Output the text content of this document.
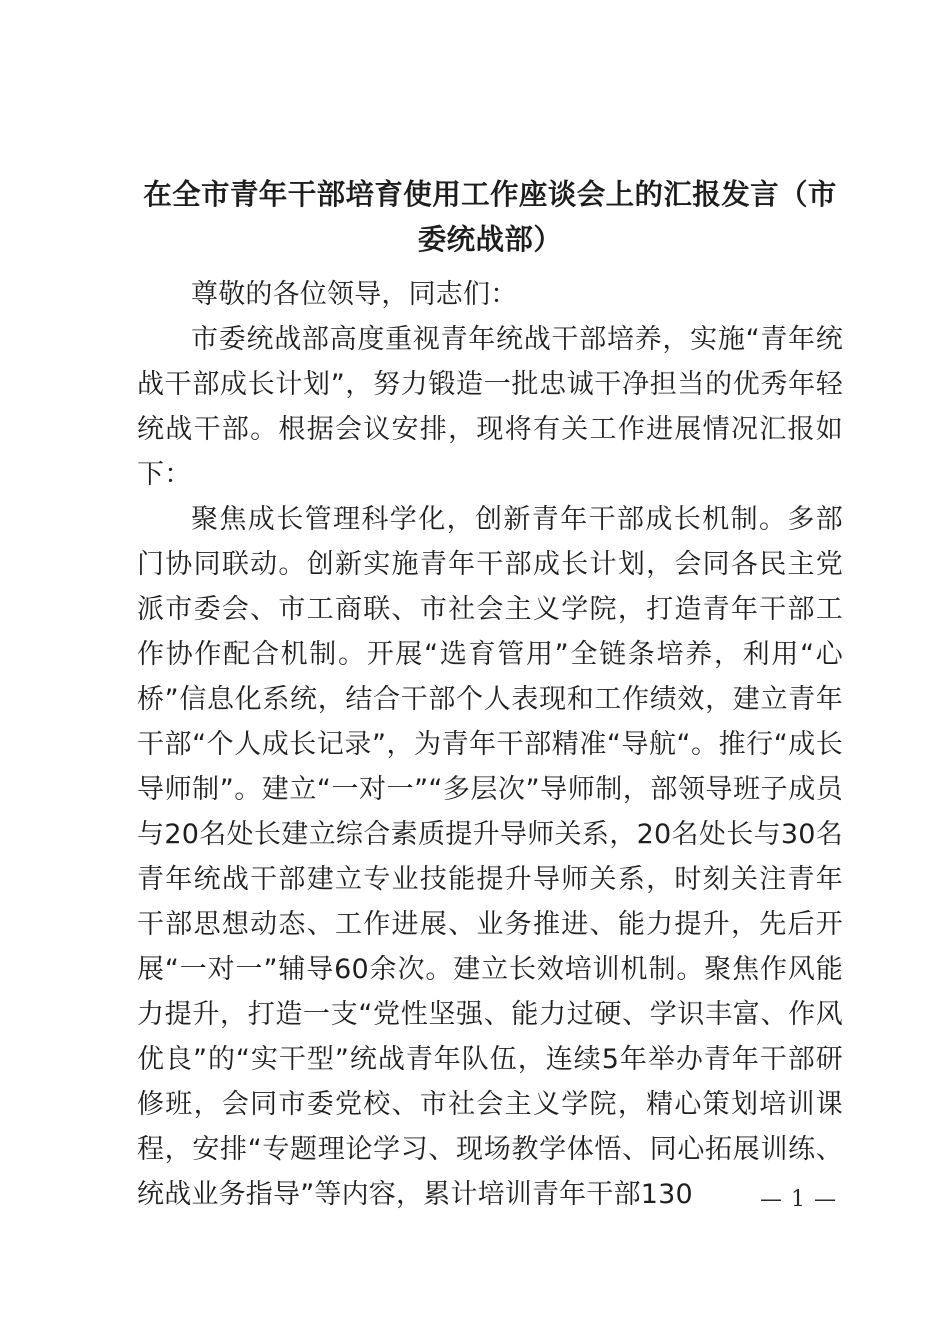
在全市青年干部培育使用工作座谈会上的汇报发言（市委统战部）

尊敬的各位领导，同志们：

市委统战部高度重视青年统战干部培养，实施“青年统战干部成长计划”，努力锻造一批忠诚干净担当的优秀年轻统战干部。根据会议安排，现将有关工作进展情况汇报如下：

聚焦成长管理科学化，创新青年干部成长机制。多部门协同联动。创新实施青年干部成长计划，会同各民主党派市委会、市工商联、市社会主义学院，打造青年干部工作协作配合机制。开展“选育管用”全链条培养，利用“心桥”信息化系统，结合干部个人表现和工作绩效，建立青年干部“个人成长记录”，为青年干部精准“导航“。推行“成长导师制”。建立“一对一”“多层次”导师制，部领导班子成员与20名处长建立综合素质提升导师关系，20名处长与30名青年统战干部建立专业技能提升导师关系，时刻关注青年干部思想动态、工作进展、业务推进、能力提升，先后开展“一对一”辅导60余次。建立长效培训机制。聚焦作风能力提升，打造一支“党性坚强、能力过硬、学识丰富、作风优良”的“实干型”统战青年队伍，连续5年举办青年干部研修班，会同市委党校、市社会主义学院，精心策划培训课程，安排“专题理论学习、现场教学体悟、同心拓展训练、统战业务指导”等内容，累计培训青年干部130	— 1 —
